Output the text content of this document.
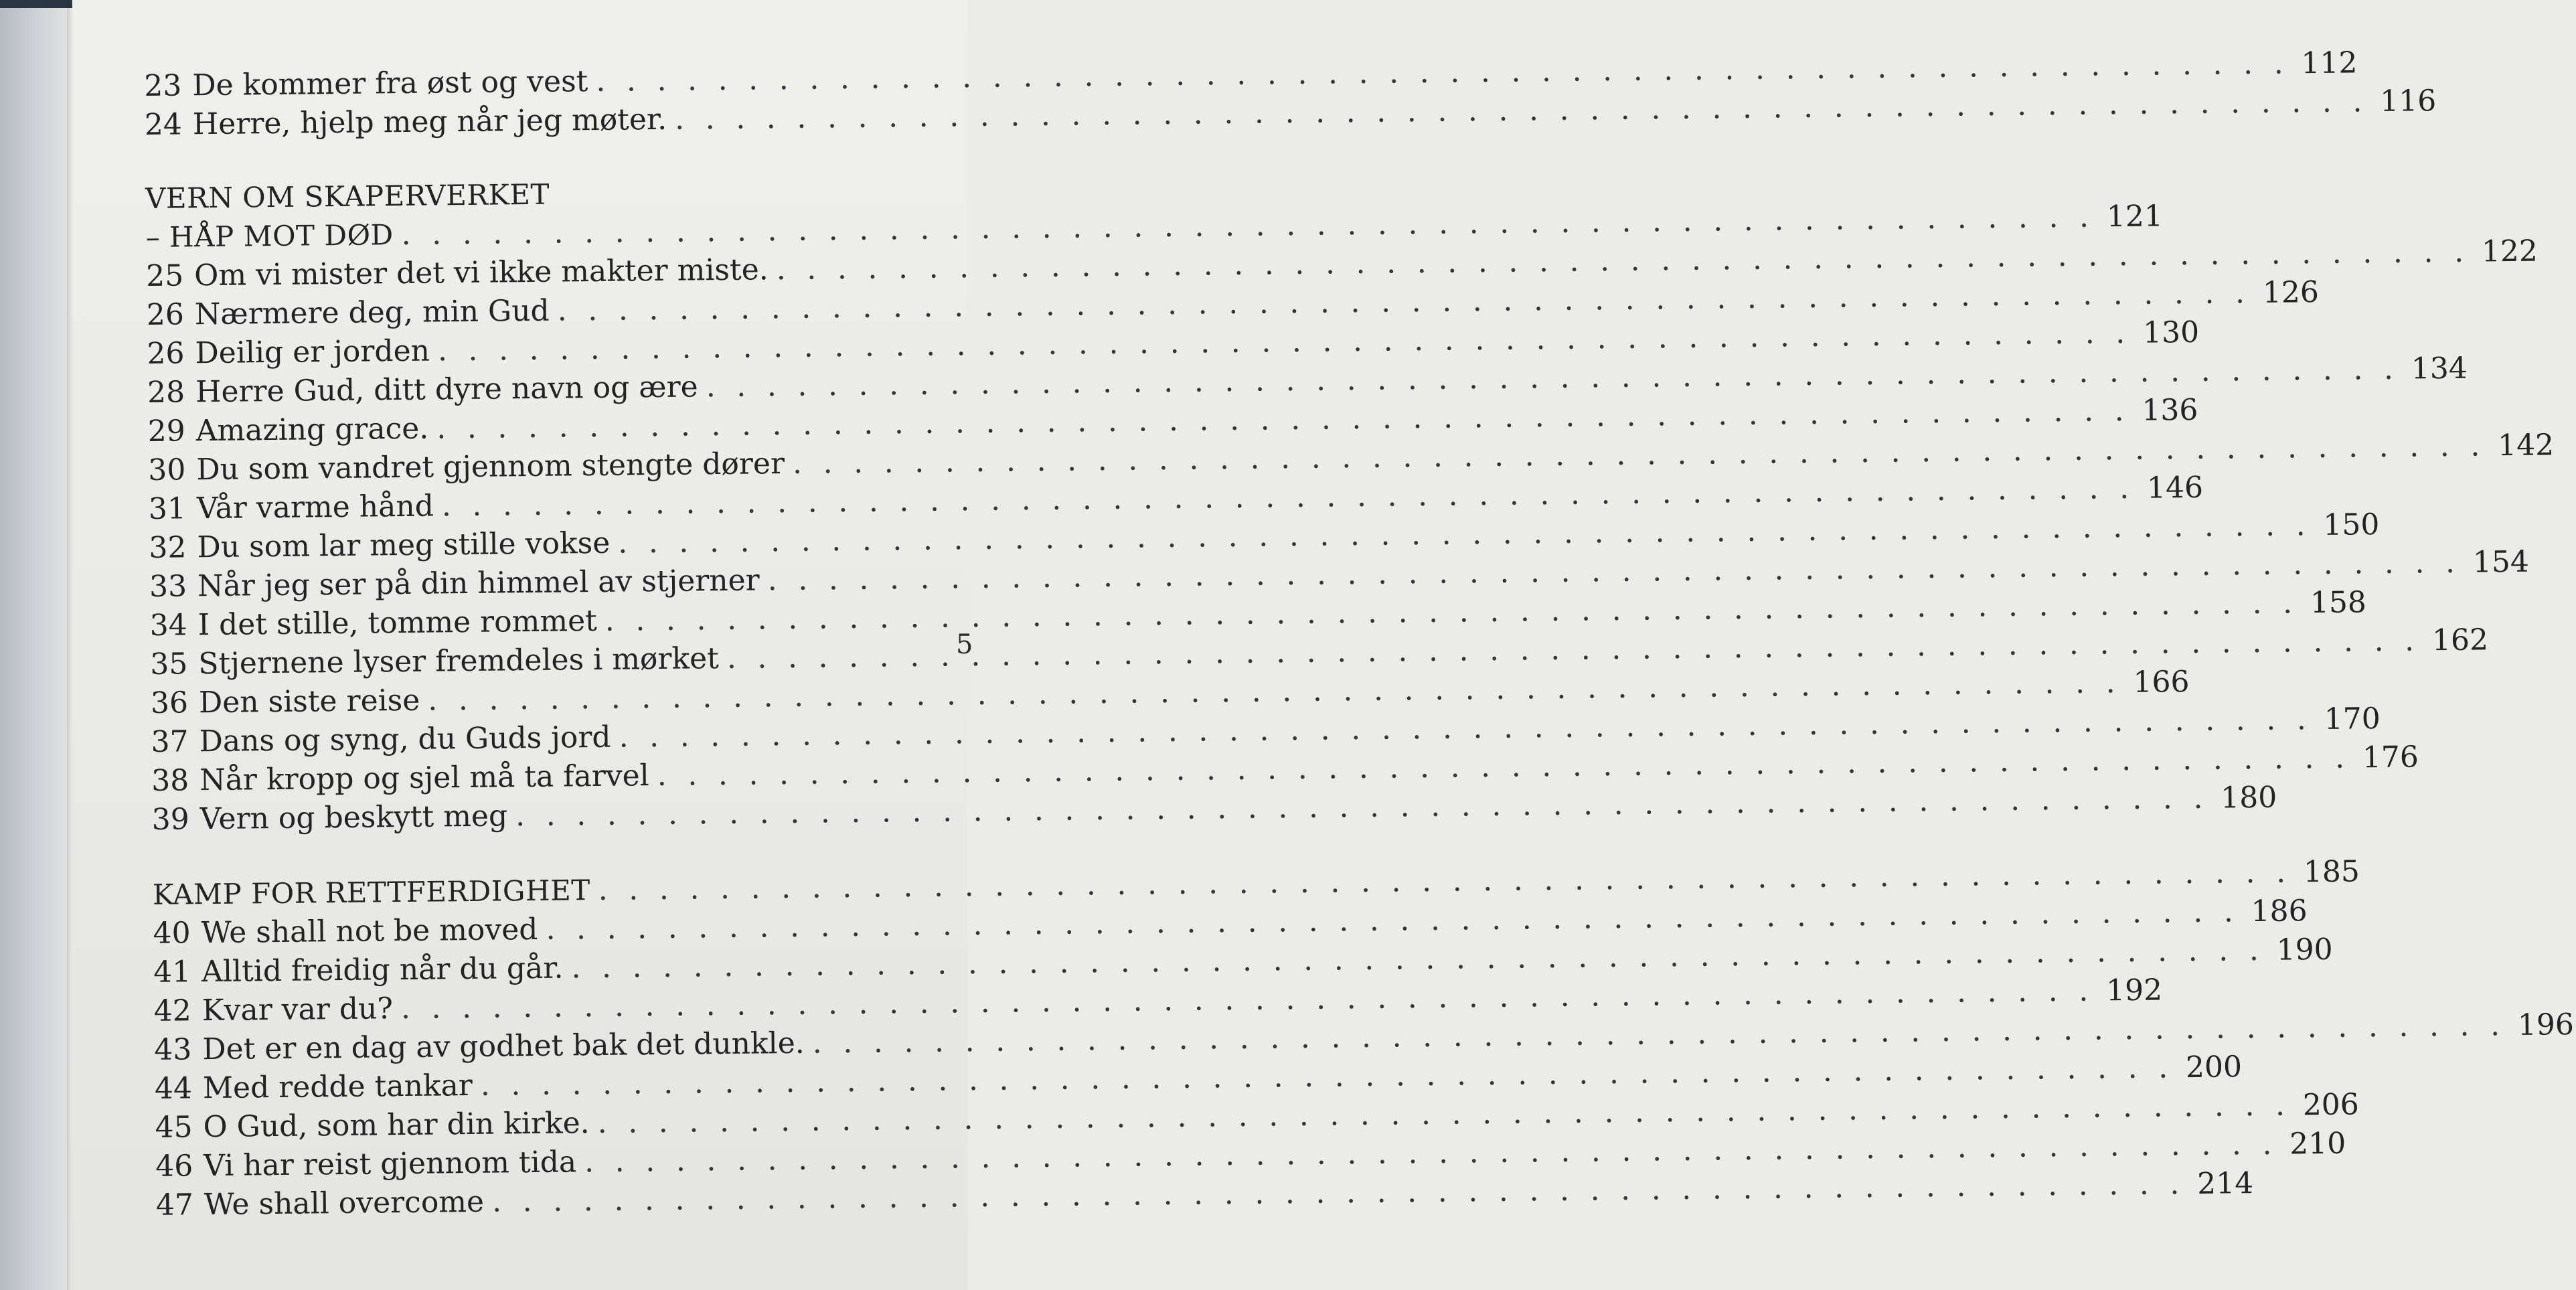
5
23 De kommer fra øst og vest
. . .
112
24 Herre, hjelp meg når jeg møter.
. . .
116
VERN OM SKAPERVERKET
– HÅP MOT DØD
. . .
121
25 Om vi mister det vi ikke makter miste.
. . .
122
26 Nærmere deg, min Gud
. . .
126
26 Deilig er jorden
. . .
130
28 Herre Gud, ditt dyre navn og ære
. . .
134
29 Amazing grace.
. . .
136
30 Du som vandret gjennom stengte dører
. . .
142
31 Vår varme hånd
. . .
146
32 Du som lar meg stille vokse
. . .
150
33 Når jeg ser på din himmel av stjerner
. . .
154
34 I det stille, tomme rommet
. . .
158
35 Stjernene lyser fremdeles i mørket
. . .
162
36 Den siste reise
. . .
166
37 Dans og syng, du Guds jord
. . .
170
38 Når kropp og sjel må ta farvel
. . .
176
39 Vern og beskytt meg
. . .
180
KAMP FOR RETTFERDIGHET
. . .
185
40 We shall not be moved
. . .
186
41 Alltid freidig når du går.
. . .
190
42 Kvar var du?
. . .
192
43 Det er en dag av godhet bak det dunkle.
. . .
196
44 Med redde tankar
. . .
200
45 O Gud, som har din kirke.
. . .
206
46 Vi har reist gjennom tida
. . .
210
47 We shall overcome
. . .
214
